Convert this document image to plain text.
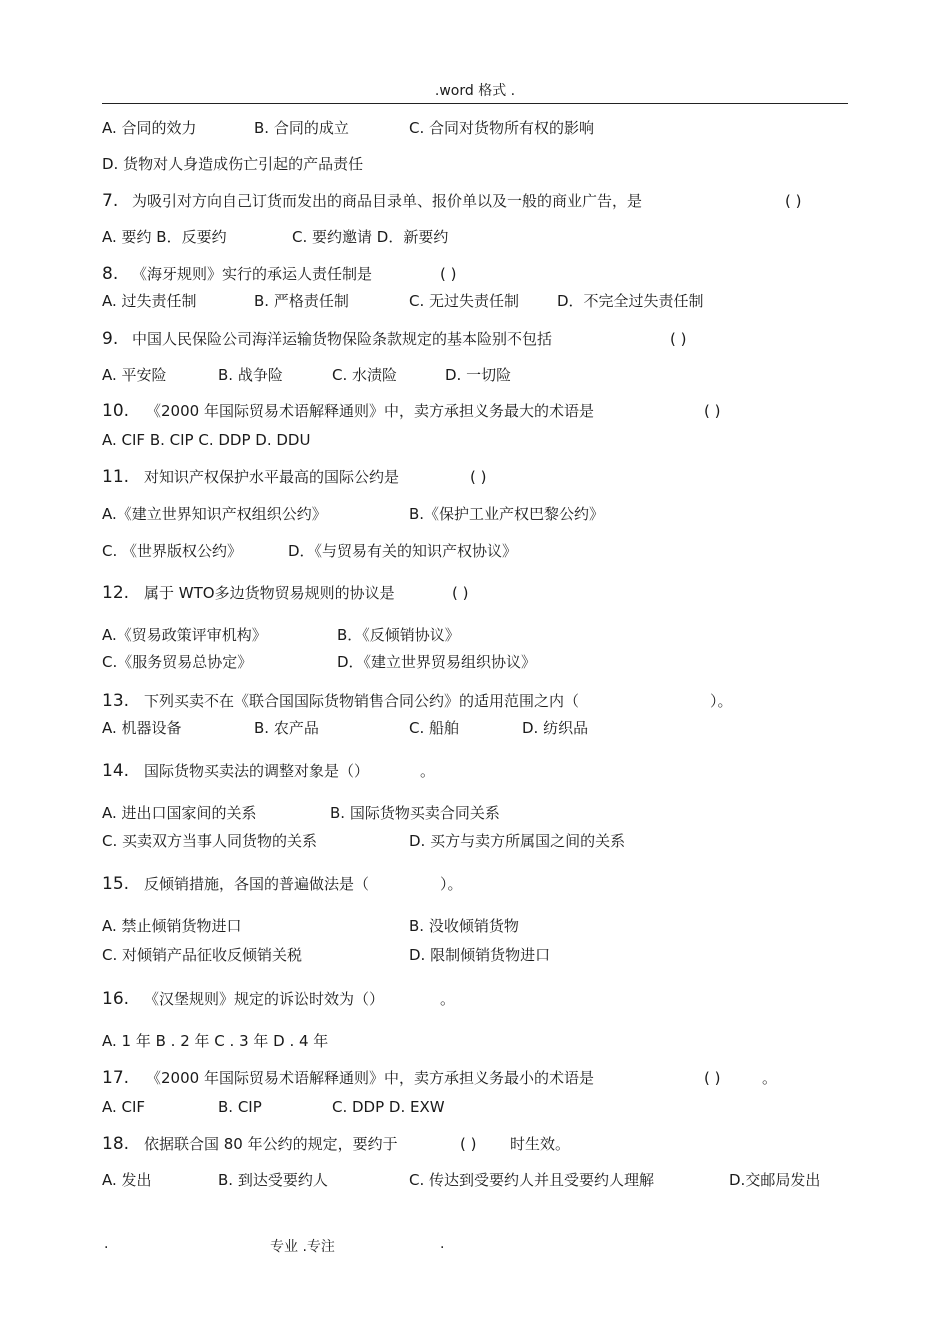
.word 格式 .
A. 合同的效力	B. 合同的成立	C. 合同对货物所有权的影响
D. 货物对人身造成伤亡引起的产品责任
7. 为吸引对方向自己订货而发出的商品目录单、报价单以及一般的商业广告，是	( )
A. 要约 B．反要约	C. 要约邀请 D．新要约
8. 《海牙规则》实行的承运人责任制是	( )
A. 过失责任制	B. 严格责任制	C. 无过失责任制	D．不完全过失责任制
9. 中国人民保险公司海洋运输货物保险条款规定的基本险别不包括	( )
A. 平安险	B. 战争险	C. 水渍险	D. 一切险
10. 《2000 年国际贸易术语解释通则》中，卖方承担义务最大的术语是	( )
A. CIF B. CIP C. DDP D. DDU
11. 对知识产权保护水平最高的国际公约是	( )
A.《建立世界知识产权组织公约》	B.《保护工业产权巴黎公约》
C. 《世界版权公约》	D．《与贸易有关的知识产权协议》
12. 属于 WTO多边货物贸易规则的协议是	( )
A.《贸易政策评审机构》	B．《反倾销协议》
C.《服务贸易总协定》	D．《建立世界贸易组织协议》
13. 下列买卖不在《联合国国际货物销售合同公约》的适用范围之内（	）。
A. 机器设备	B. 农产品	C. 船舶	D. 纺织品
14. 国际货物买卖法的调整对象是（）	。
A. 进出口国家间的关系	B. 国际货物买卖合同关系
C. 买卖双方当事人同货物的关系	D. 买方与卖方所属国之间的关系
15. 反倾销措施，各国的普遍做法是（	）。
A. 禁止倾销货物进口	B. 没收倾销货物
C. 对倾销产品征收反倾销关税	D. 限制倾销货物进口
16. 《汉堡规则》规定的诉讼时效为（）	。
A. 1 年 B . 2 年 C . 3 年 D . 4 年
17. 《2000 年国际贸易术语解释通则》中，卖方承担义务最小的术语是	( )	。
A. CIF	B. CIP	C. DDP D. EXW
18. 依据联合国 80 年公约的规定，要约于	( ) 时生效。
A. 发出	B. 到达受要约人	C. 传达到受要约人并且受要约人理解	D.交邮局发出
.	专业 .专注	.
